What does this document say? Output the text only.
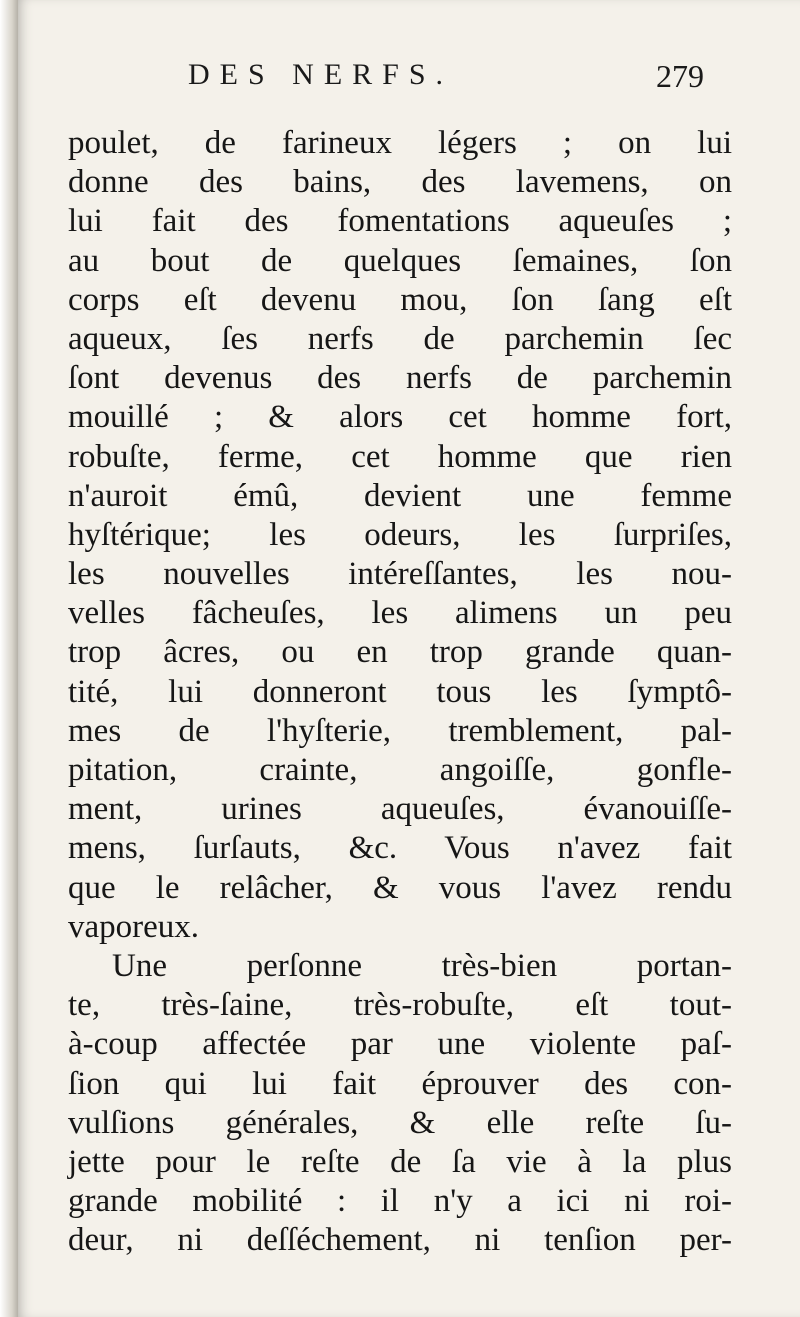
DES NERFS.	279
poulet, de farineux légers ; on lui
donne des bains, des lavemens, on
lui fait des fomentations aqueuſes ;
au bout de quelques ſemaines, ſon
corps eſt devenu mou, ſon ſang eſt
aqueux, ſes nerfs de parchemin ſec
ſont devenus des nerfs de parchemin
mouillé ; & alors cet homme fort,
robuſte, ferme, cet homme que rien
n'auroit émû, devient une femme
hyſtérique; les odeurs, les ſurpriſes,
les nouvelles intéreſſantes, les nou-
velles fâcheuſes, les alimens un peu
trop âcres, ou en trop grande quan-
tité, lui donneront tous les ſymptô-
mes de l'hyſterie, tremblement, pal-
pitation, crainte, angoiſſe, gonfle-
ment, urines aqueuſes, évanouiſſe-
mens, ſurſauts, &c. Vous n'avez fait
que le relâcher, & vous l'avez rendu
vaporeux.
Une perſonne très-bien portan-
te, très-ſaine, très-robuſte, eſt tout-
à-coup affectée par une violente paſ-
ſion qui lui fait éprouver des con-
vulſions générales, & elle reſte ſu-
jette pour le reſte de ſa vie à la plus
grande mobilité : il n'y a ici ni roi-
deur, ni deſſéchement, ni tenſion per-
